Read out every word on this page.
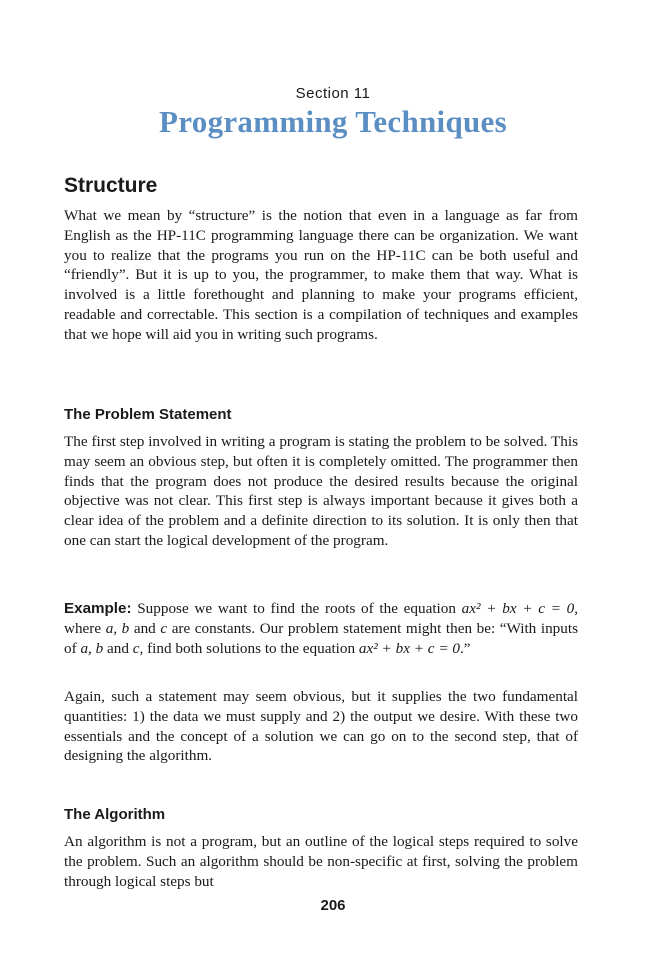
Section 11
Programming Techniques
Structure

What we mean by “structure” is the notion that even in a language as far from English as the HP-11C programming language there can be organization. We want you to realize that the programs you run on the HP-11C can be both useful and “friendly”. But it is up to you, the programmer, to make them that way. What is involved is a little forethought and planning to make your programs efficient, readable and correctable. This section is a compilation of techniques and examples that we hope will aid you in writing such programs.

The Problem Statement

The first step involved in writing a program is stating the problem to be solved. This may seem an obvious step, but often it is completely omitted. The programmer then finds that the program does not produce the desired results because the original objective was not clear. This first step is always important because it gives both a clear idea of the problem and a definite direction to its solution. It is only then that one can start the logical development of the program.

Example: Suppose we want to find the roots of the equation ax² + bx + c = 0, where a, b and c are constants. Our problem statement might then be: “With inputs of a, b and c, find both solutions to the equation ax² + bx + c = 0.”

Again, such a statement may seem obvious, but it supplies the two fundamental quantities: 1) the data we must supply and 2) the output we desire. With these two essentials and the concept of a solution we can go on to the second step, that of designing the algorithm.

The Algorithm

An algorithm is not a program, but an outline of the logical steps required to solve the problem. Such an algorithm should be non-specific at first, solving the problem through logical steps but

206
